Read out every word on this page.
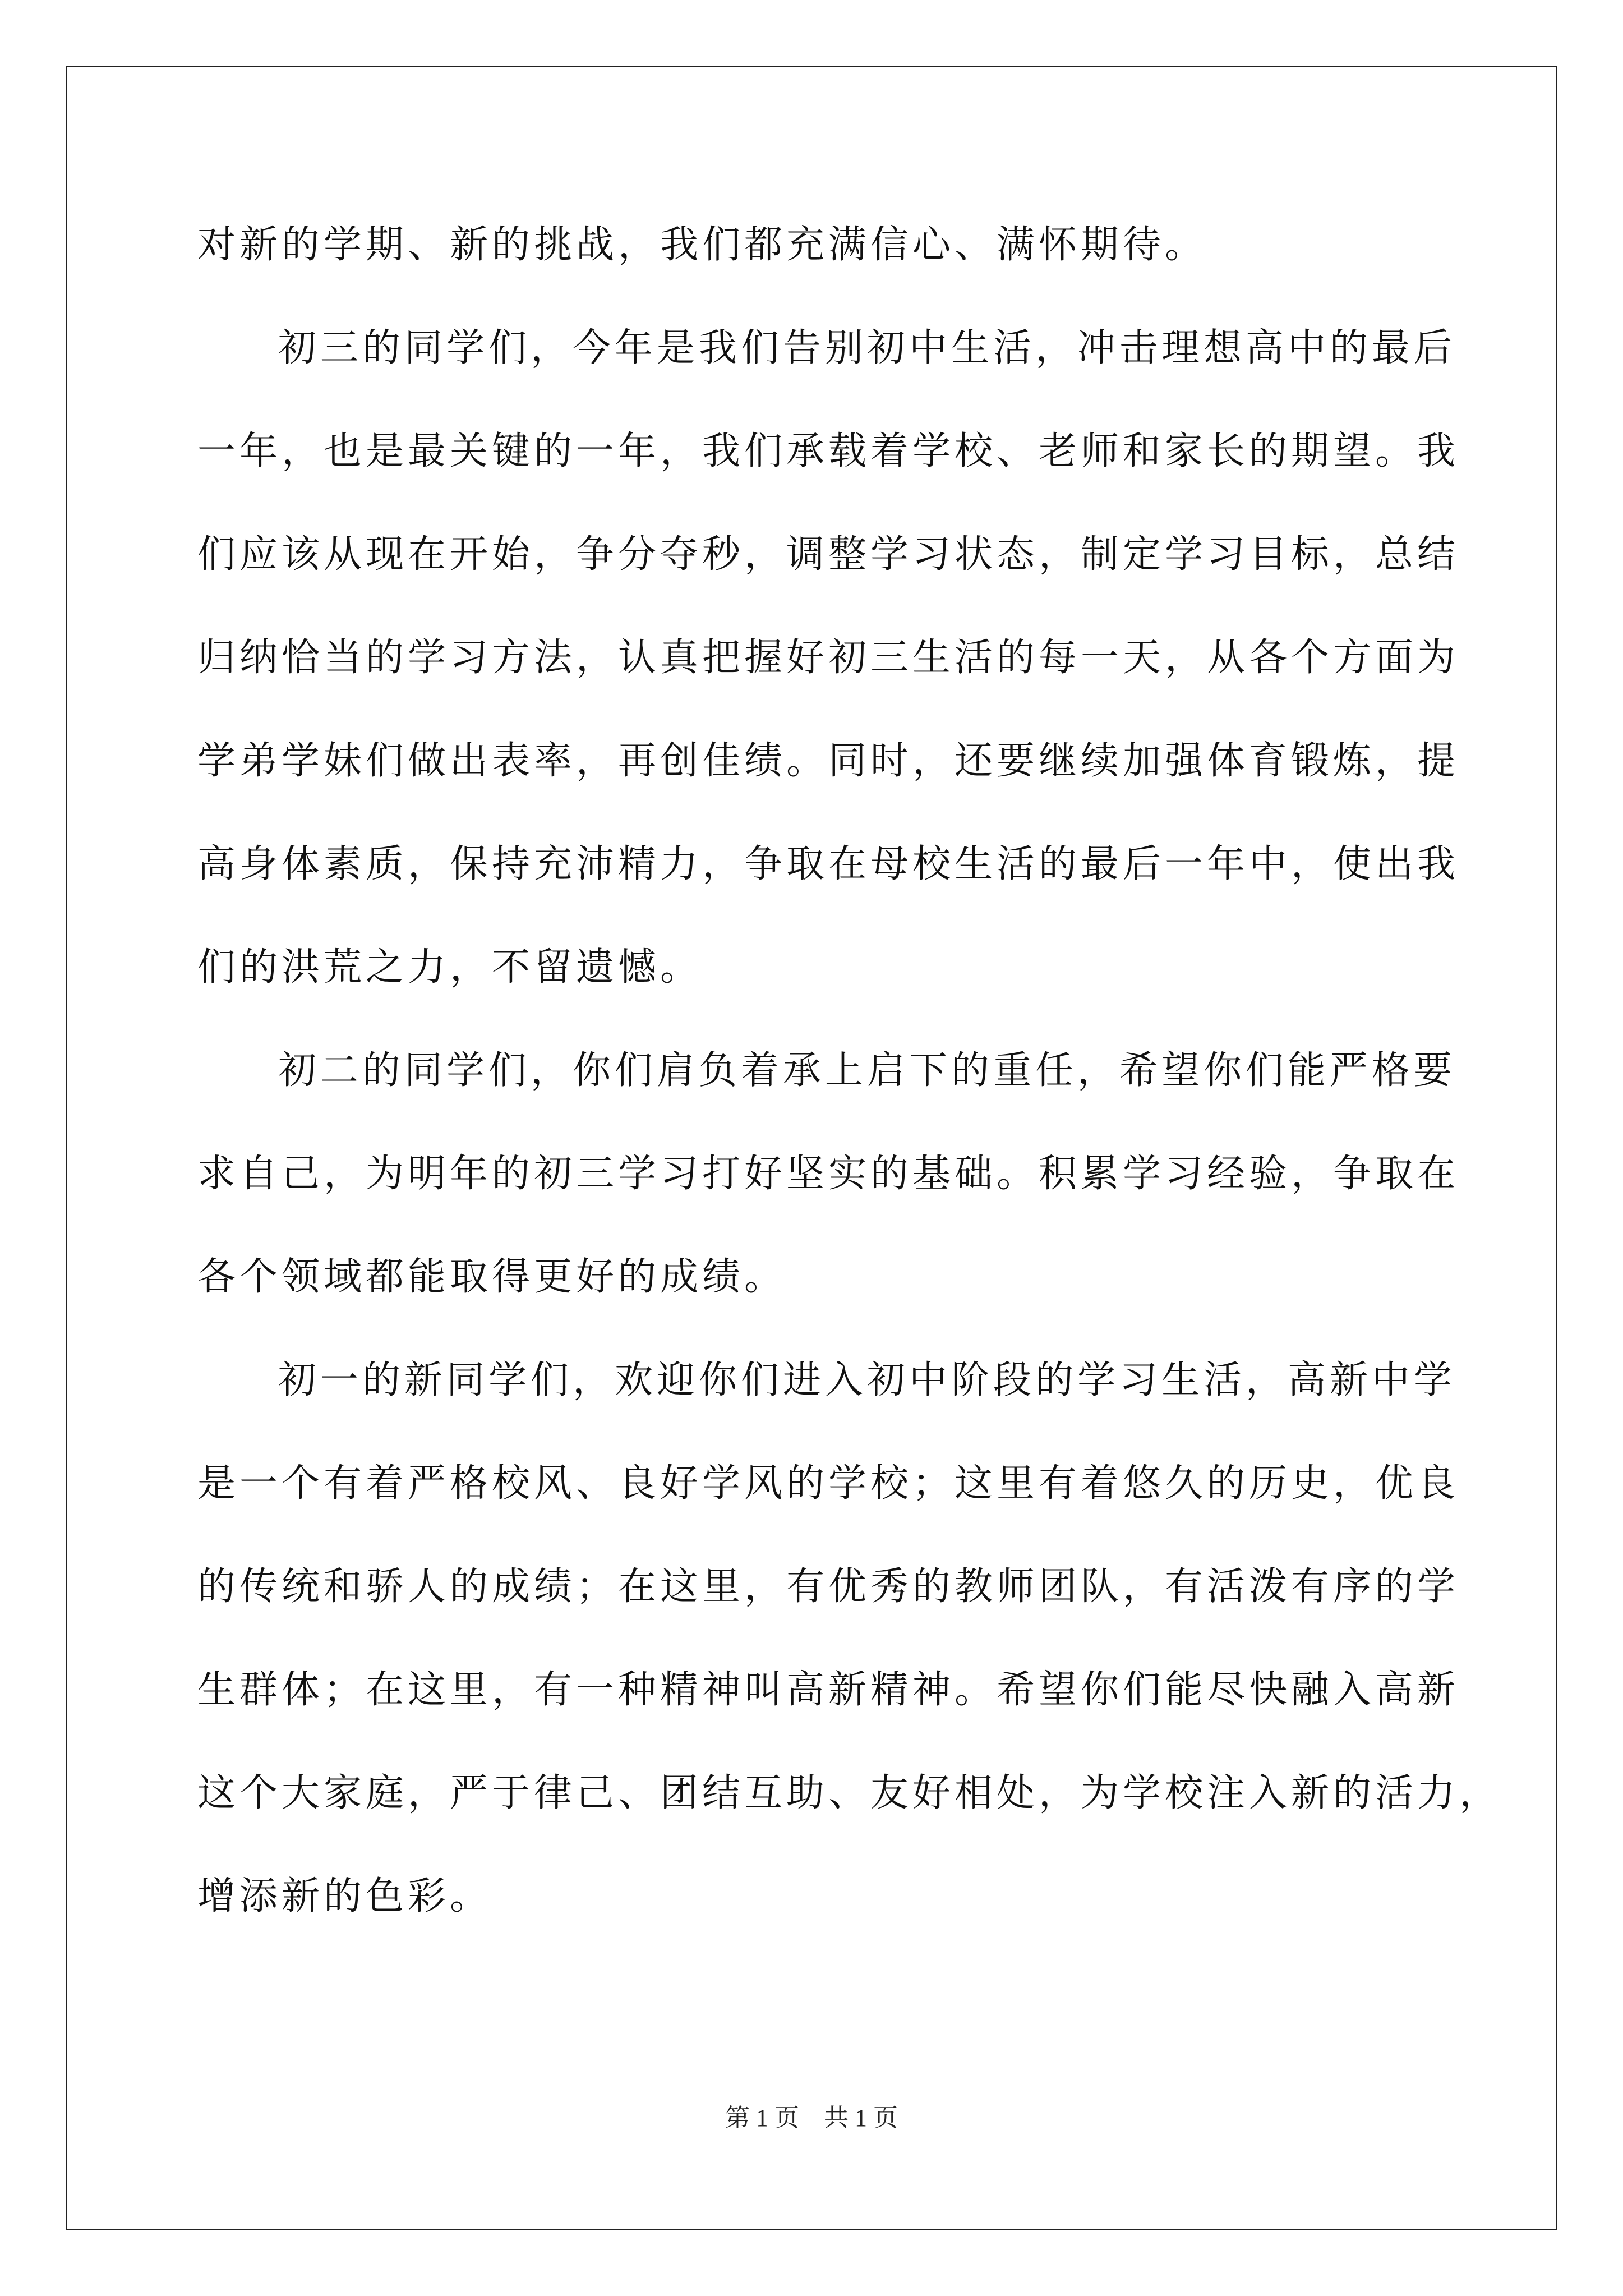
对新的学期、新的挑战，我们都充满信心、满怀期待。
初三的同学们，今年是我们告别初中生活，冲击理想高中的最后
一年，也是最关键的一年，我们承载着学校、老师和家长的期望。我
们应该从现在开始，争分夺秒，调整学习状态，制定学习目标，总结
归纳恰当的学习方法，认真把握好初三生活的每一天，从各个方面为
学弟学妹们做出表率，再创佳绩。同时，还要继续加强体育锻炼，提
高身体素质，保持充沛精力，争取在母校生活的最后一年中，使出我
们的洪荒之力，不留遗憾。
初二的同学们，你们肩负着承上启下的重任，希望你们能严格要
求自己，为明年的初三学习打好坚实的基础。积累学习经验，争取在
各个领域都能取得更好的成绩。
初一的新同学们，欢迎你们进入初中阶段的学习生活，高新中学
是一个有着严格校风、良好学风的学校；这里有着悠久的历史，优良
的传统和骄人的成绩；在这里，有优秀的教师团队，有活泼有序的学
生群体；在这里，有一种精神叫高新精神。希望你们能尽快融入高新
这个大家庭，严于律己、团结互助、友好相处，为学校注入新的活力，
增添新的色彩。
第 1 页　共 1 页
